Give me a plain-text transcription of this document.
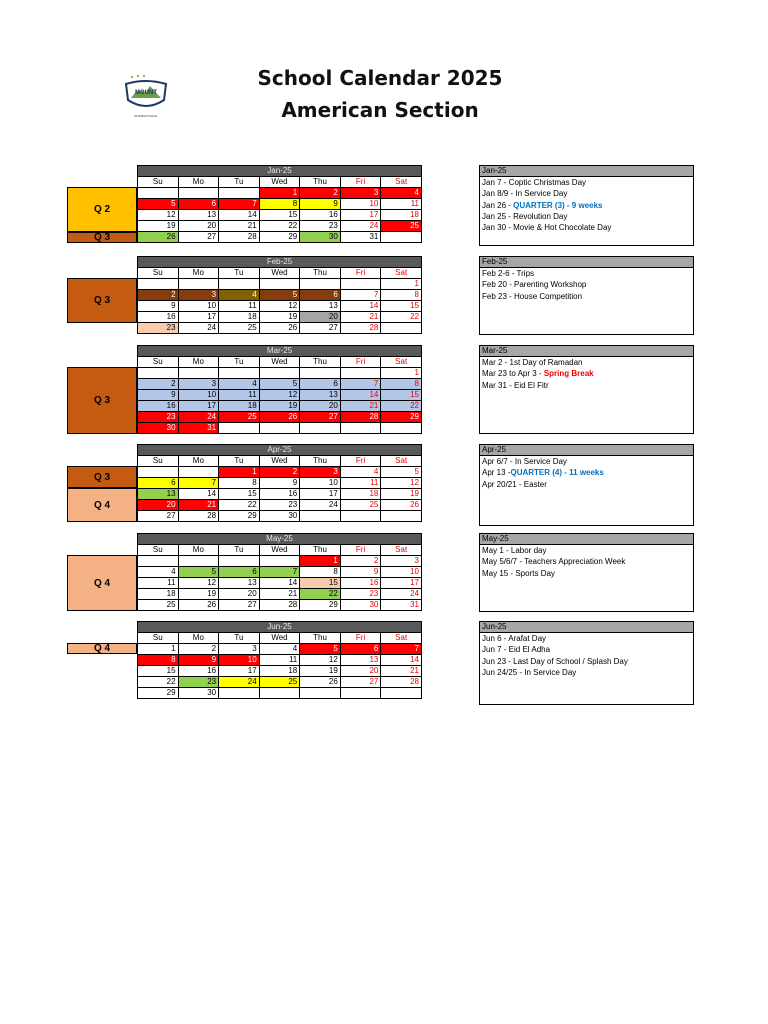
School Calendar 2025
American Section
MOUNT
INTERNATIONAL
Jan-25						
Su	Mo	Tu	Wed	Thu	Fri	Sat
			1	2	3	4
5	6	7	8	9	10	11
12	13	14	15	16	17	18
19	20	21	22	23	24	25
26	27	28	29	30	31	
Q 2
Q 3
Jan-25
Jan 7 - Coptic Christmas Day
Jan 8/9 - In Service Day
Jan 26 - QUARTER (3) - 9 weeks
Jan 25 - Revolution Day
Jan 30 - Movie & Hot Chocolate Day
Feb-25						
Su	Mo	Tu	Wed	Thu	Fri	Sat
						1
2	3	4	5	6	7	8
9	10	11	12	13	14	15
16	17	18	19	20	21	22
23	24	25	26	27	28	
Q 3
Feb-25
Feb 2-6 - Trips
Feb 20 - Parenting Workshop
Feb 23 - House Competition
Mar-25						
Su	Mo	Tu	Wed	Thu	Fri	Sat
						1
2	3	4	5	6	7	8
9	10	11	12	13	14	15
16	17	18	19	20	21	22
23	24	25	26	27	28	29
30	31					
Q 3
Mar-25
Mar 2 - 1st Day of Ramadan
Mar 23 to Apr 3 - Spring Break
Mar 31 - Eid El Fitr
Apr-25						
Su	Mo	Tu	Wed	Thu	Fri	Sat
		1	2	3	4	5
6	7	8	9	10	11	12
13	14	15	16	17	18	19
20	21	22	23	24	25	26
27	28	29	30			
Q 3
Q 4
Apr-25
Apr 6/7 - In Service Day
Apr 13 -QUARTER (4) - 11 weeks
Apr 20/21 - Easter
May-25						
Su	Mo	Tu	Wed	Thu	Fri	Sat
				1	2	3
4	5	6	7	8	9	10
11	12	13	14	15	16	17
18	19	20	21	22	23	24
25	26	27	28	29	30	31
Q 4
May-25
May 1 - Labor day
May 5/6/7 - Teachers Appreciation Week
May 15 - Sports Day
Jun-25						
Su	Mo	Tu	Wed	Thu	Fri	Sat
1	2	3	4	5	6	7
8	9	10	11	12	13	14
15	16	17	18	19	20	21
22	23	24	25	26	27	28
29	30					
Q 4
Jun-25
Jun 6 - Arafat Day
Jun 7 - Eid El Adha
Jun 23 - Last Day of School / Splash Day
Jun 24/25 - In Service Day
